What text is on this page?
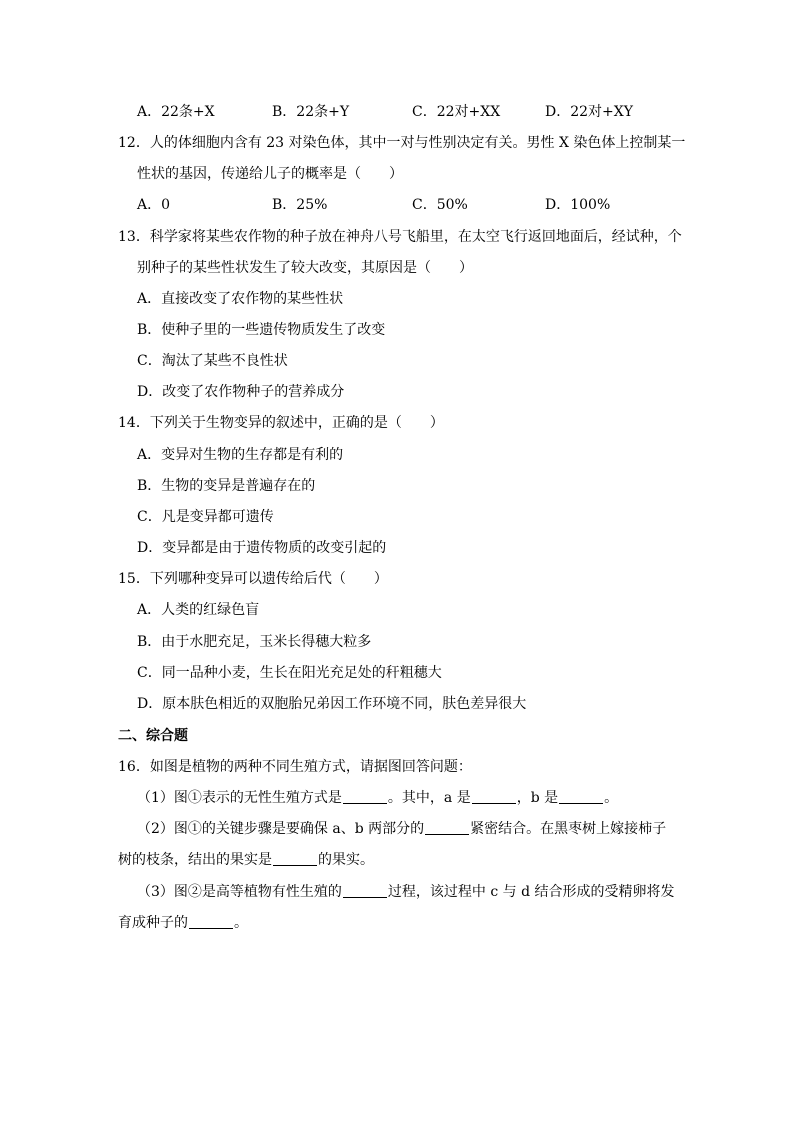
A．22条+X	B．22条+Y	C．22对+XX	D．22对+XY
12．人的体细胞内含有 23 对染色体，其中一对与性别决定有关。男性 X 染色体上控制某一
性状的基因，传递给儿子的概率是（　　）
A．0	B．25%	C．50%	D．100%
13．科学家将某些农作物的种子放在神舟八号飞船里，在太空飞行返回地面后，经试种，个
别种子的某些性状发生了较大改变，其原因是（　　）
A．直接改变了农作物的某些性状
B．使种子里的一些遗传物质发生了改变
C．淘汰了某些不良性状
D．改变了农作物种子的营养成分
14．下列关于生物变异的叙述中，正确的是（　　）
A．变异对生物的生存都是有利的
B．生物的变异是普遍存在的
C．凡是变异都可遗传
D．变异都是由于遗传物质的改变引起的
15．下列哪种变异可以遗传给后代（　　）
A．人类的红绿色盲
B．由于水肥充足，玉米长得穗大粒多
C．同一品种小麦，生长在阳光充足处的秆粗穗大
D．原本肤色相近的双胞胎兄弟因工作环境不同，肤色差异很大
二、综合题
16．如图是植物的两种不同生殖方式，请据图回答问题：
（1）图①表示的无性生殖方式是	。其中，a 是	，b 是	。
（2）图①的关键步骤是要确保 a、b 两部分的	紧密结合。在黑枣树上嫁接柿子
树的枝条，结出的果实是	的果实。
（3）图②是高等植物有性生殖的	过程，该过程中 c 与 d 结合形成的受精卵将发
育成种子的	。
